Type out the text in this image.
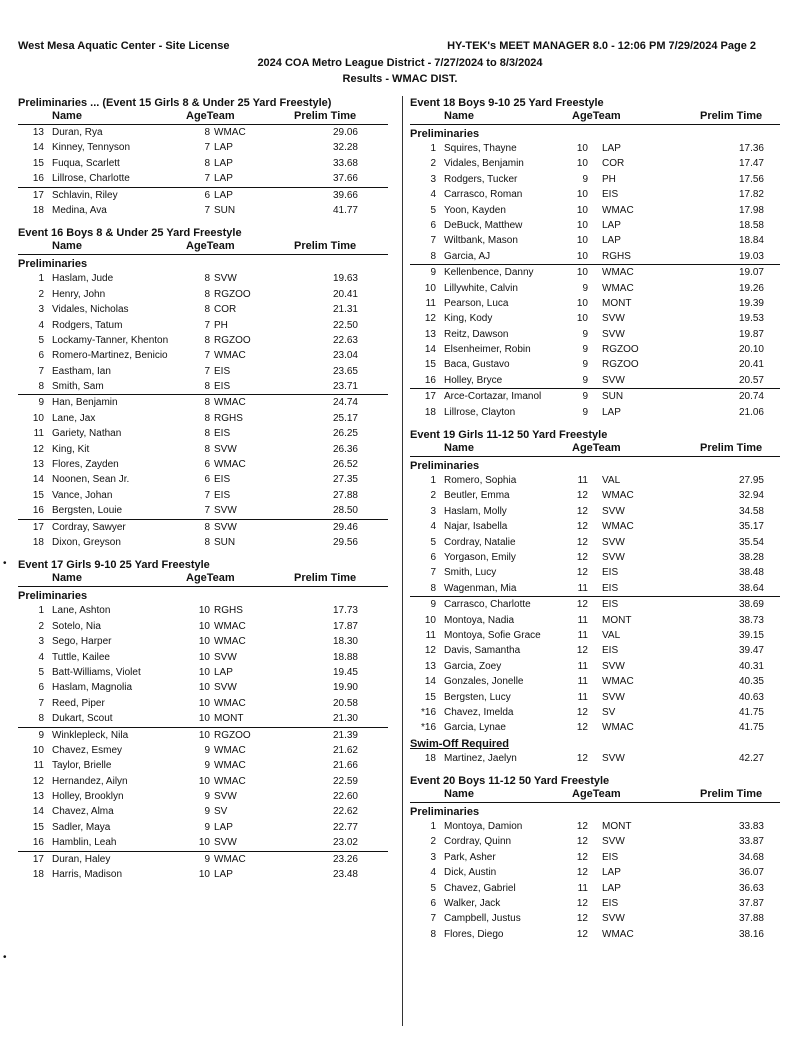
West Mesa Aquatic Center - Site License	HY-TEK's MEET MANAGER 8.0 - 12:06 PM 7/29/2024 Page 2
2024 COA Metro League District - 7/27/2024 to 8/3/2024
Results - WMAC DIST.
•
•
Preliminaries ... (Event 15 Girls 8 & Under 25 Yard Freestyle)
Name	AgeTeam	Prelim Time
13 Duran, Rya	8 WMAC	29.06
14 Kinney, Tennyson	7 LAP	32.28
15 Fuqua, Scarlett	8 LAP	33.68
16 Lillrose, Charlotte	7 LAP	37.66
17 Schlavin, Riley	6 LAP	39.66
18 Medina, Ava	7 SUN	41.77
Event 16 Boys 8 & Under 25 Yard Freestyle
Name	AgeTeam	Prelim Time
Preliminaries
1 Haslam, Jude	8 SVW	19.63
2 Henry, John	8 RGZOO	20.41
3 Vidales, Nicholas	8 COR	21.31
4 Rodgers, Tatum	7 PH	22.50
5 Lockamy-Tanner, Khenton	8 RGZOO	22.63
6 Romero-Martinez, Benicio	7 WMAC	23.04
7 Eastham, Ian	7 EIS	23.65
8 Smith, Sam	8 EIS	23.71
9 Han, Benjamin	8 WMAC	24.74
10 Lane, Jax	8 RGHS	25.17
11 Gariety, Nathan	8 EIS	26.25
12 King, Kit	8 SVW	26.36
13 Flores, Zayden	6 WMAC	26.52
14 Noonen, Sean Jr.	6 EIS	27.35
15 Vance, Johan	7 EIS	27.88
16 Bergsten, Louie	7 SVW	28.50
17 Cordray, Sawyer	8 SVW	29.46
18 Dixon, Greyson	8 SUN	29.56
Event 17 Girls 9-10 25 Yard Freestyle
Name	AgeTeam	Prelim Time
Preliminaries
1 Lane, Ashton	10 RGHS	17.73
2 Sotelo, Nia	10 WMAC	17.87
3 Sego, Harper	10 WMAC	18.30
4 Tuttle, Kailee	10 SVW	18.88
5 Batt-Williams, Violet	10 LAP	19.45
6 Haslam, Magnolia	10 SVW	19.90
7 Reed, Piper	10 WMAC	20.58
8 Dukart, Scout	10 MONT	21.30
9 Winklepleck, Nila	10 RGZOO	21.39
10 Chavez, Esmey	9 WMAC	21.62
11 Taylor, Brielle	9 WMAC	21.66
12 Hernandez, Ailyn	10 WMAC	22.59
13 Holley, Brooklyn	9 SVW	22.60
14 Chavez, Alma	9 SV	22.62
15 Sadler, Maya	9 LAP	22.77
16 Hamblin, Leah	10 SVW	23.02
17 Duran, Haley	9 WMAC	23.26
18 Harris, Madison	10 LAP	23.48
Event 18 Boys 9-10 25 Yard Freestyle
Name	AgeTeam	Prelim Time
Preliminaries
1 Squires, Thayne	10 LAP	17.36
2 Vidales, Benjamin	10 COR	17.47
3 Rodgers, Tucker	9 PH	17.56
4 Carrasco, Roman	10 EIS	17.82
5 Yoon, Kayden	10 WMAC	17.98
6 DeBuck, Matthew	10 LAP	18.58
7 Wiltbank, Mason	10 LAP	18.84
8 Garcia, AJ	10 RGHS	19.03
9 Kellenbence, Danny	10 WMAC	19.07
10 Lillywhite, Calvin	9 WMAC	19.26
11 Pearson, Luca	10 MONT	19.39
12 King, Kody	10 SVW	19.53
13 Reitz, Dawson	9 SVW	19.87
14 Elsenheimer, Robin	9 RGZOO	20.10
15 Baca, Gustavo	9 RGZOO	20.41
16 Holley, Bryce	9 SVW	20.57
17 Arce-Cortazar, Imanol	9 SUN	20.74
18 Lillrose, Clayton	9 LAP	21.06
Event 19 Girls 11-12 50 Yard Freestyle
Name	AgeTeam	Prelim Time
Preliminaries
1 Romero, Sophia	11 VAL	27.95
2 Beutler, Emma	12 WMAC	32.94
3 Haslam, Molly	12 SVW	34.58
4 Najar, Isabella	12 WMAC	35.17
5 Cordray, Natalie	12 SVW	35.54
6 Yorgason, Emily	12 SVW	38.28
7 Smith, Lucy	12 EIS	38.48
8 Wagenman, Mia	11 EIS	38.64
9 Carrasco, Charlotte	12 EIS	38.69
10 Montoya, Nadia	11 MONT	38.73
11 Montoya, Sofie Grace	11 VAL	39.15
12 Davis, Samantha	12 EIS	39.47
13 Garcia, Zoey	11 SVW	40.31
14 Gonzales, Jonelle	11 WMAC	40.35
15 Bergsten, Lucy	11 SVW	40.63
*16 Chavez, Imelda	12 SV	41.75
*16 Garcia, Lynae	12 WMAC	41.75
Swim-Off Required
18 Martinez, Jaelyn	12 SVW	42.27
Event 20 Boys 11-12 50 Yard Freestyle
Name	AgeTeam	Prelim Time
Preliminaries
1 Montoya, Damion	12 MONT	33.83
2 Cordray, Quinn	12 SVW	33.87
3 Park, Asher	12 EIS	34.68
4 Dick, Austin	12 LAP	36.07
5 Chavez, Gabriel	11 LAP	36.63
6 Walker, Jack	12 EIS	37.87
7 Campbell, Justus	12 SVW	37.88
8 Flores, Diego	12 WMAC	38.16
